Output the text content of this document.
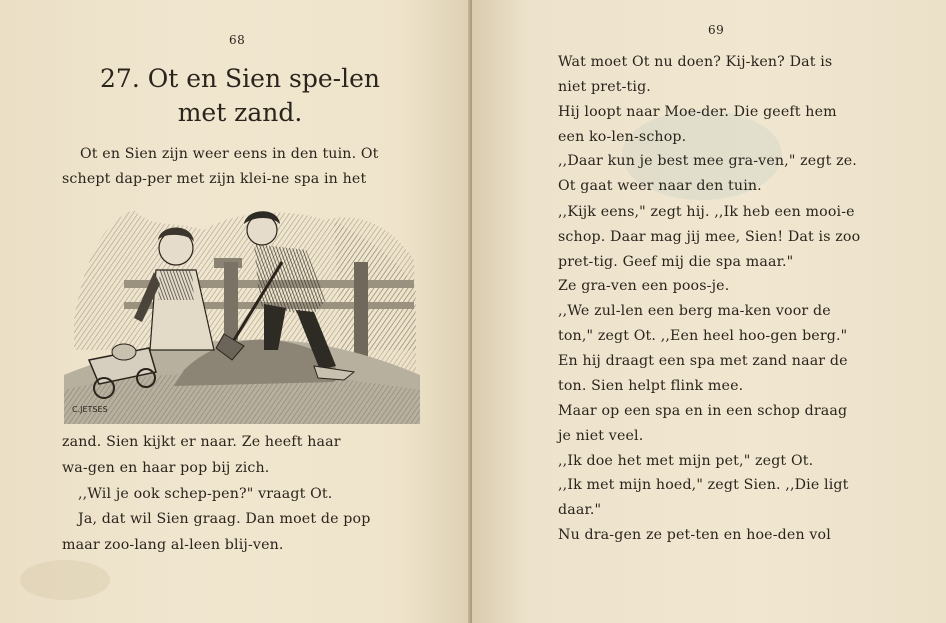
68
27. Ot en Sien spe-len
met zand.
Ot en Sien zijn weer eens in den tuin. Ot
schept dap-per met zijn klei-ne spa in het
C.JETSES
zand. Sien kijkt er naar. Ze heeft haar
wa-gen en haar pop bij zich.
,,Wil je ook schep-pen?" vraagt Ot.
Ja, dat wil Sien graag. Dan moet de pop
maar zoo-lang al-leen blij-ven.
69
Wat moet Ot nu doen? Kij-ken? Dat is
niet pret-tig.
Hij loopt naar Moe-der. Die geeft hem
een ko-len-schop.
,,Daar kun je best mee gra-ven," zegt ze.
Ot gaat weer naar den tuin.
,,Kijk eens," zegt hij. ,,Ik heb een mooi-e
schop. Daar mag jij mee, Sien! Dat is zoo
pret-tig. Geef mij die spa maar."
Ze gra-ven een poos-je.
,,We zul-len een berg ma-ken voor de
ton," zegt Ot. ,,Een heel hoo-gen berg."
En hij draagt een spa met zand naar de
ton. Sien helpt flink mee.
Maar op een spa en in een schop draag
je niet veel.
,,Ik doe het met mijn pet," zegt Ot.
,,Ik met mijn hoed," zegt Sien. ,,Die ligt
daar."
Nu dra-gen ze pet-ten en hoe-den vol
